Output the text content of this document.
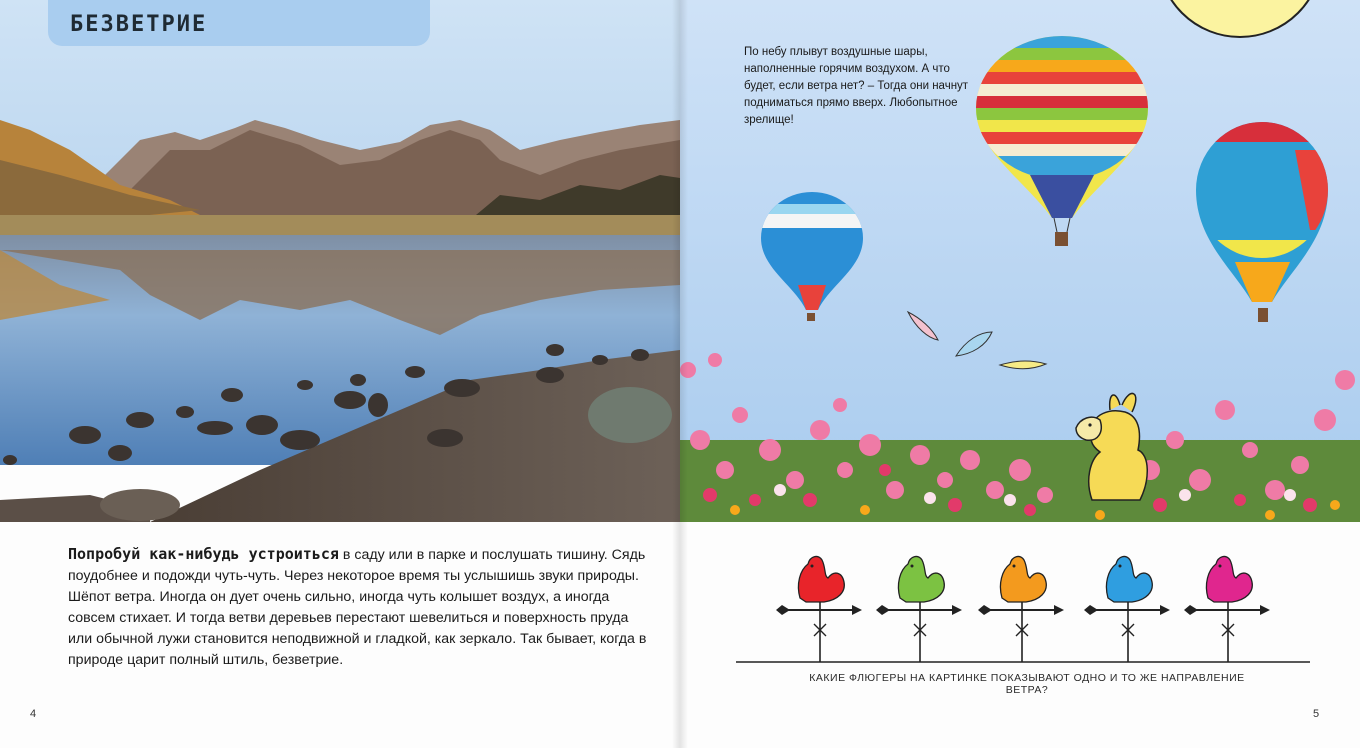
БЕЗВЕТРИЕ

Попробуй как-нибудь устроиться в саду или в парке и послушать тишину. Сядь поудобнее и подожди чуть-чуть. Через некоторое время ты услышишь звуки природы. Шёпот ветра. Иногда он дует очень сильно, иногда чуть колышет воздух, а иногда совсем стихает. И тогда ветви деревьев перестают шевелиться и поверхность пруда или обычной лужи становится неподвижной и гладкой, как зеркало. Так бывает, когда в природе царит полный штиль, безветрие.

4

По небу плывут воздушные шары, наполненные горячим воздухом. А что будет, если ветра нет? – Тогда они начнут подниматься прямо вверх. Любопытное зрелище!

КАКИЕ ФЛЮГЕРЫ НА КАРТИНКЕ ПОКАЗЫВАЮТ ОДНО И ТО ЖЕ НАПРАВЛЕНИЕ ВЕТРА?

5
